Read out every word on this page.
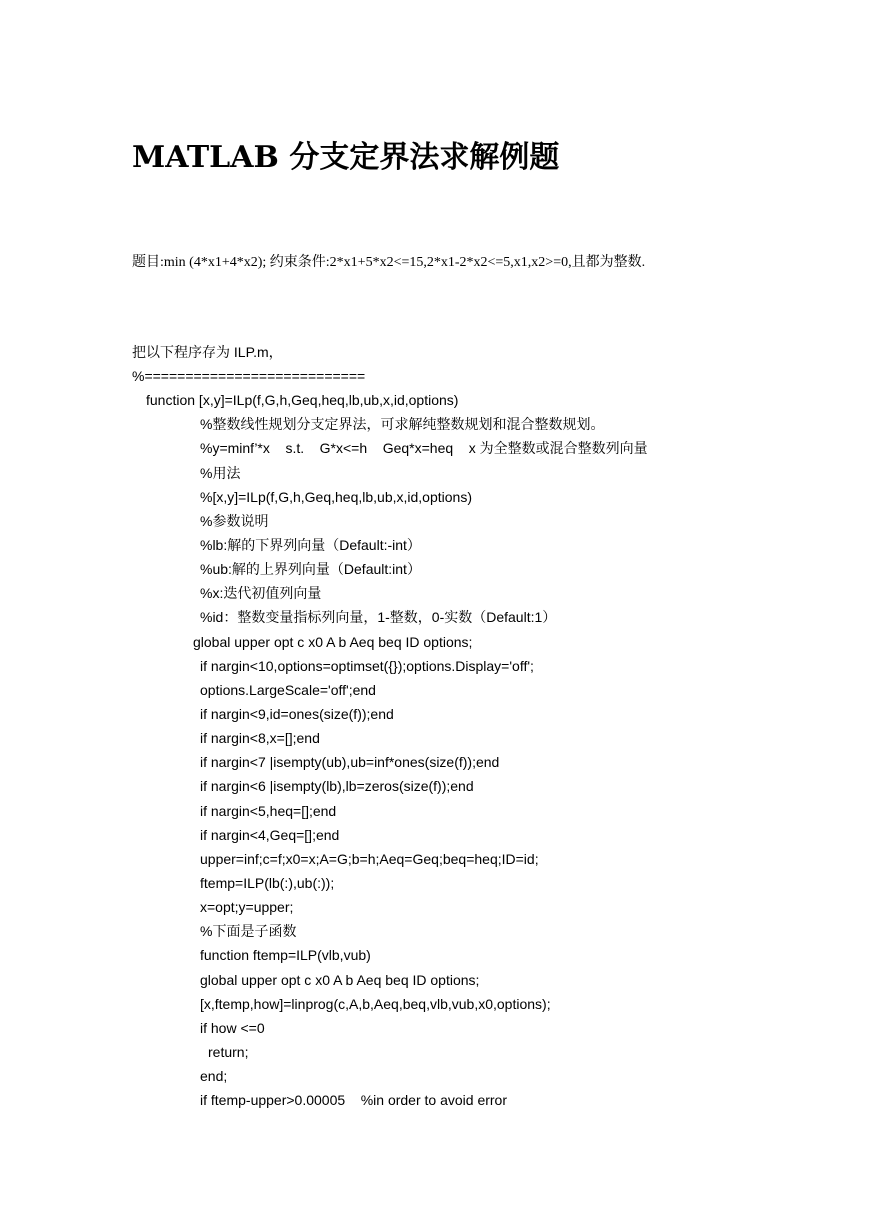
MATLAB 分支定界法求解例题

题目:min (4*x1+4*x2); 约束条件:2*x1+5*x2<=15,2*x1-2*x2<=5,x1,x2>=0,且都为整数.

把以下程序存为 ILP.m，

%===========================
function [x,y]=ILp(f,G,h,Geq,heq,lb,ub,x,id,options)
%整数线性规划分支定界法，可求解纯整数规划和混合整数规划。
%y=minf’*x    s.t.    G*x<=h    Geq*x=heq    x 为全整数或混合整数列向量
%用法
%[x,y]=ILp(f,G,h,Geq,heq,lb,ub,x,id,options)
%参数说明
%lb:解的下界列向量（Default:-int）
%ub:解的上界列向量（Default:int）
%x:迭代初值列向量
%id：整数变量指标列向量，1-整数，0-实数（Default:1）
global upper opt c x0 A b Aeq beq ID options;
if nargin<10,options=optimset({});options.Display='off';
options.LargeScale='off';end
if nargin<9,id=ones(size(f));end
if nargin<8,x=[];end
if nargin<7 |isempty(ub),ub=inf*ones(size(f));end
if nargin<6 |isempty(lb),lb=zeros(size(f));end
if nargin<5,heq=[];end
if nargin<4,Geq=[];end
upper=inf;c=f;x0=x;A=G;b=h;Aeq=Geq;beq=heq;ID=id;
ftemp=ILP(lb(:),ub(:));
x=opt;y=upper;
%下面是子函数
function ftemp=ILP(vlb,vub)
global upper opt c x0 A b Aeq beq ID options;
[x,ftemp,how]=linprog(c,A,b,Aeq,beq,vlb,vub,x0,options);
if how <=0
return;
end;
if ftemp-upper>0.00005    %in order to avoid error
